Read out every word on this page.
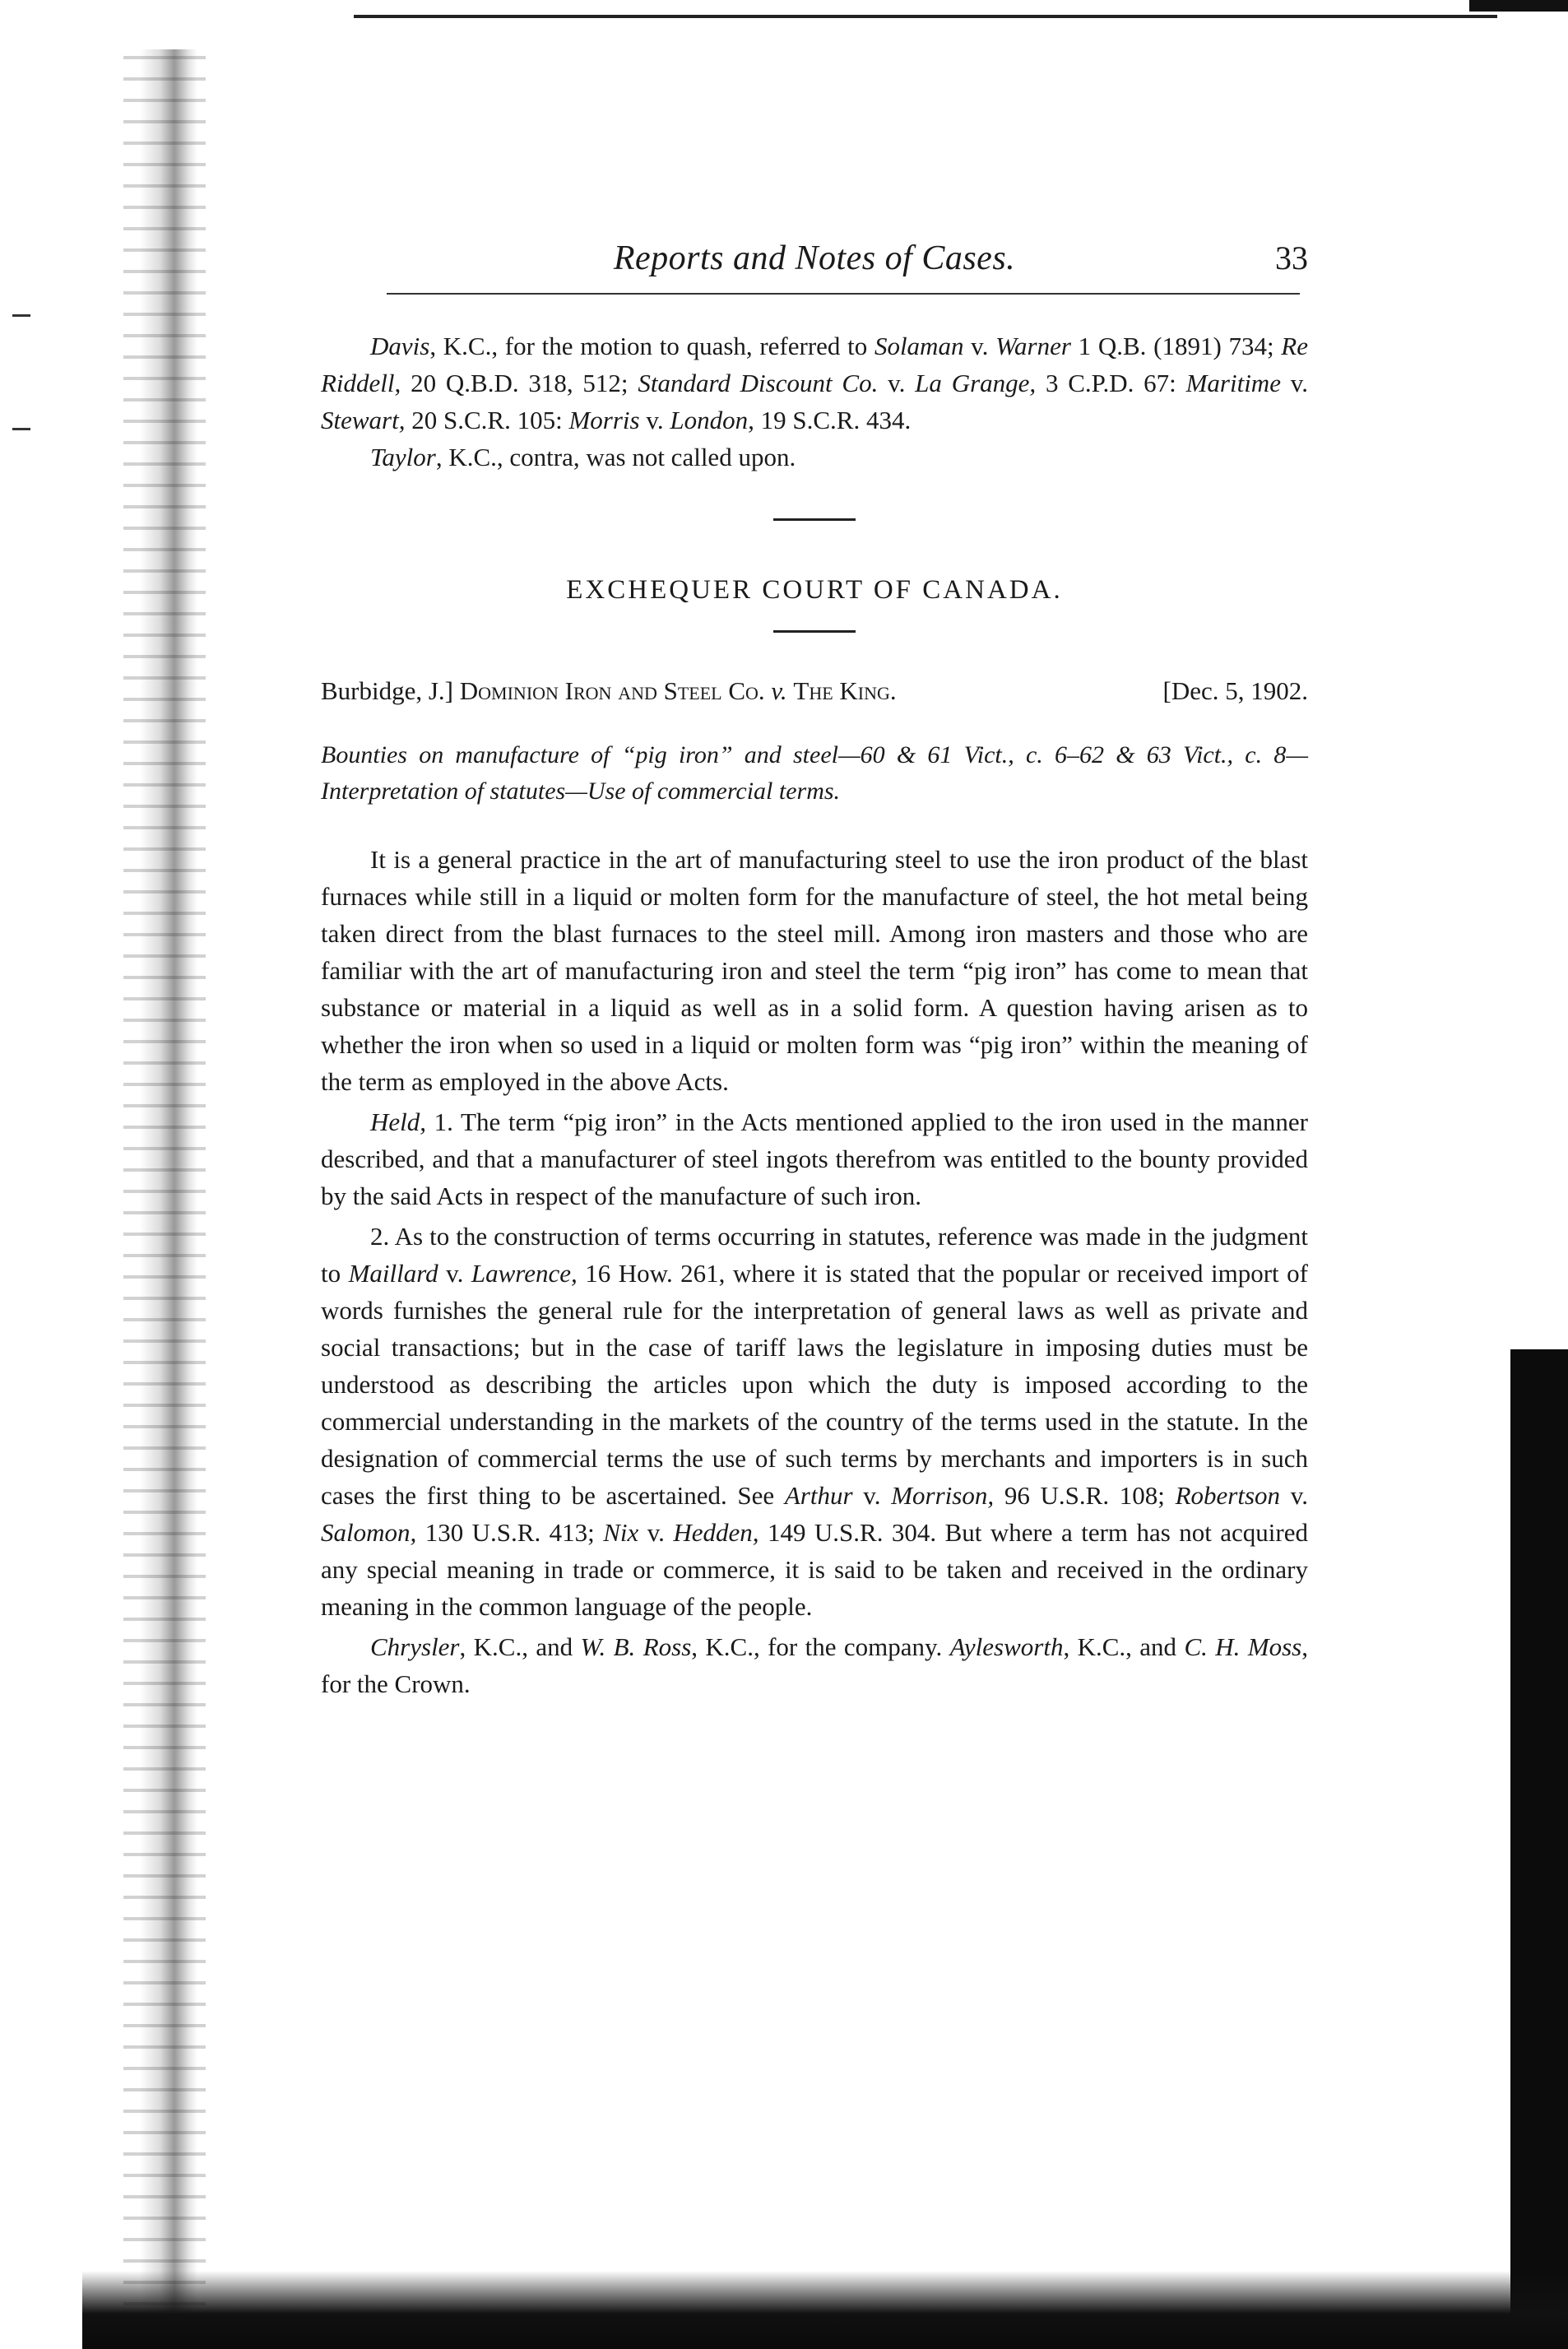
Reports and Notes of Cases.	33

Davis, K.C., for the motion to quash, referred to Solaman v. Warner 1 Q.B. (1891) 734; Re Riddell, 20 Q.B.D. 318, 512; Standard Discount Co. v. La Grange, 3 C.P.D. 67: Maritime v. Stewart, 20 S.C.R. 105: Morris v. London, 19 S.C.R. 434.

Taylor, K.C., contra, was not called upon.

EXCHEQUER COURT OF CANADA.
Burbidge, J.] Dominion Iron and Steel Co. v. The King.	[Dec. 5, 1902.

Bounties on manufacture of “pig iron” and steel—60 & 61 Vict., c. 6–62 & 63 Vict., c. 8—Interpretation of statutes—Use of commercial terms.

It is a general practice in the art of manufacturing steel to use the iron product of the blast furnaces while still in a liquid or molten form for the manufacture of steel, the hot metal being taken direct from the blast furnaces to the steel mill. Among iron masters and those who are familiar with the art of manufacturing iron and steel the term “pig iron” has come to mean that substance or material in a liquid as well as in a solid form. A question having arisen as to whether the iron when so used in a liquid or molten form was “pig iron” within the meaning of the term as employed in the above Acts.

Held, 1. The term “pig iron” in the Acts mentioned applied to the iron used in the manner described, and that a manufacturer of steel ingots therefrom was entitled to the bounty provided by the said Acts in respect of the manufacture of such iron.

2. As to the construction of terms occurring in statutes, reference was made in the judgment to Maillard v. Lawrence, 16 How. 261, where it is stated that the popular or received import of words furnishes the general rule for the interpretation of general laws as well as private and social transactions; but in the case of tariff laws the legislature in imposing duties must be understood as describing the articles upon which the duty is imposed according to the commercial understanding in the markets of the country of the terms used in the statute. In the designation of commercial terms the use of such terms by merchants and importers is in such cases the first thing to be ascertained. See Arthur v. Morrison, 96 U.S.R. 108; Robertson v. Salomon, 130 U.S.R. 413; Nix v. Hedden, 149 U.S.R. 304. But where a term has not acquired any special meaning in trade or commerce, it is said to be taken and received in the ordinary meaning in the common language of the people.

Chrysler, K.C., and W. B. Ross, K.C., for the company. Aylesworth, K.C., and C. H. Moss, for the Crown.
